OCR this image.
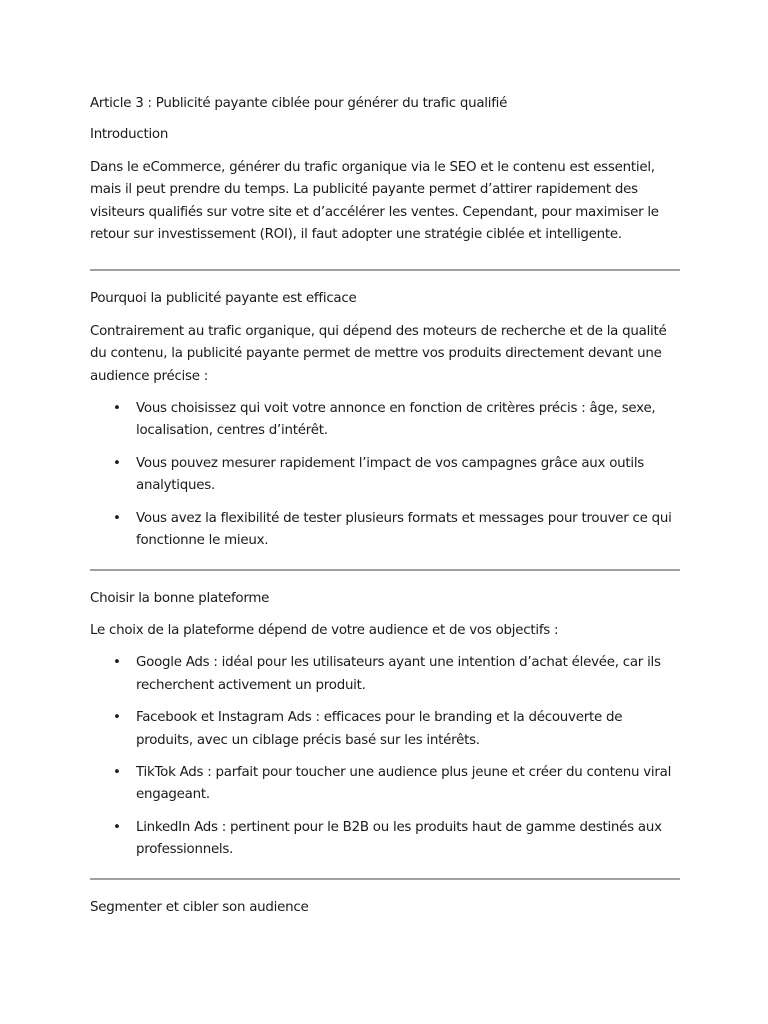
Article 3 : Publicité payante ciblée pour générer du trafic qualifié

Introduction

Dans le eCommerce, générer du trafic organique via le SEO et le contenu est essentiel, mais il peut prendre du temps. La publicité payante permet d’attirer rapidement des visiteurs qualifiés sur votre site et d’accélérer les ventes. Cependant, pour maximiser le retour sur investissement (ROI), il faut adopter une stratégie ciblée et intelligente.

Pourquoi la publicité payante est efficace

Contrairement au trafic organique, qui dépend des moteurs de recherche et de la qualité du contenu, la publicité payante permet de mettre vos produits directement devant une audience précise :

• Vous choisissez qui voit votre annonce en fonction de critères précis : âge, sexe, localisation, centres d’intérêt.
• Vous pouvez mesurer rapidement l’impact de vos campagnes grâce aux outils analytiques.
• Vous avez la flexibilité de tester plusieurs formats et messages pour trouver ce qui fonctionne le mieux.

Choisir la bonne plateforme

Le choix de la plateforme dépend de votre audience et de vos objectifs :

• Google Ads : idéal pour les utilisateurs ayant une intention d’achat élevée, car ils recherchent activement un produit.
• Facebook et Instagram Ads : efficaces pour le branding et la découverte de produits, avec un ciblage précis basé sur les intérêts.
• TikTok Ads : parfait pour toucher une audience plus jeune et créer du contenu viral engageant.
• LinkedIn Ads : pertinent pour le B2B ou les produits haut de gamme destinés aux professionnels.

Segmenter et cibler son audience
